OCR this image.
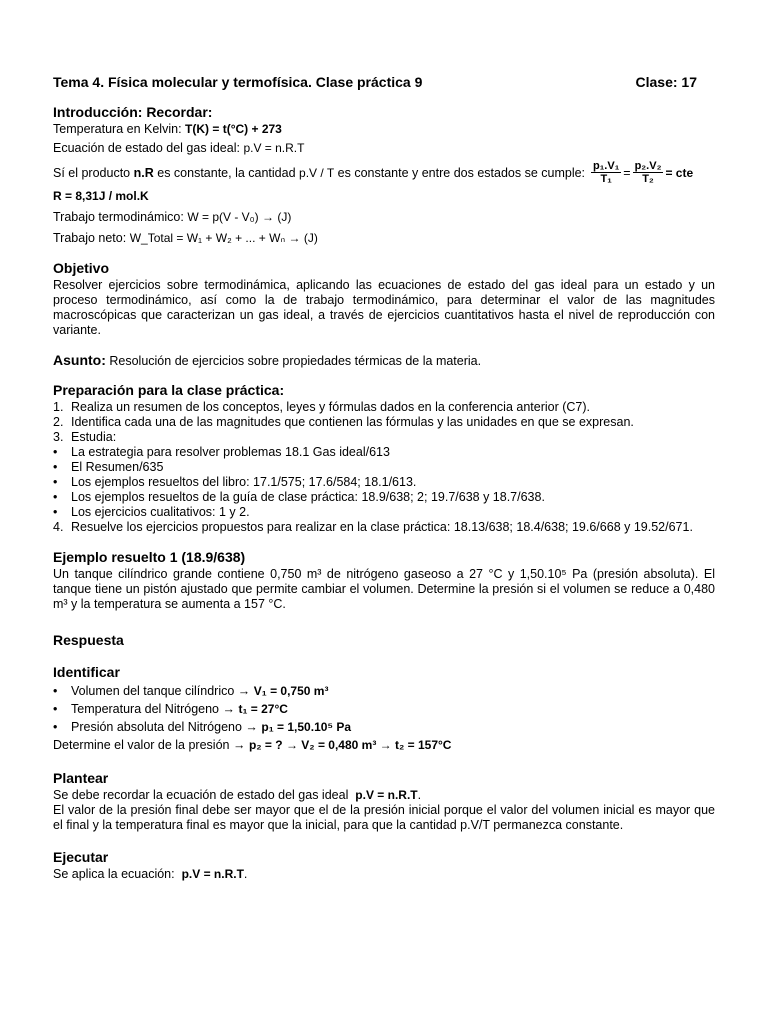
Tema 4. Física molecular y termofísica. Clase práctica 9	Clase: 17
Introducción: Recordar:
Temperatura en Kelvin: T(K) = t(°C) + 273
Ecuación de estado del gas ideal: p.V = n.R.T
Sí el producto
n.R
es constante, la cantidad
p.V / T
es constante y entre dos estados se cumple: $\frac{\text{p₁.V₁}}{\text{T₁}} = \frac{\text{p₂.V₂}}{\text{T₂}}$ = cte
R = 8,31J / mol.K
Trabajo termodinámico: W = p(V - V₀) → (J)
Trabajo neto: W_Total = W₁ + W₂ + ... + Wₙ → (J)
Objetivo

Resolver ejercicios sobre termodinámica, aplicando las ecuaciones de estado del gas ideal para un estado y un proceso termodinámico, así como la de trabajo termodinámico, para determinar el valor de las magnitudes macroscópicas que caracterizan un gas ideal, a través de ejercicios cuantitativos hasta el nivel de reproducción con variante.

Asunto: Resolución de ejercicios sobre propiedades térmicas de la materia.
Preparación para la clase práctica:
1. Realiza un resumen de los conceptos, leyes y fórmulas dados en la conferencia anterior (C7).
2. Identifica cada una de las magnitudes que contienen las fórmulas y las unidades en que se expresan.
3. Estudia:
•	La estrategia para resolver problemas 18.1 Gas ideal/613
•	El Resumen/635
•	Los ejemplos resueltos del libro: 17.1/575; 17.6/584; 18.1/613.
•	Los ejemplos resueltos de la guía de clase práctica: 18.9/638; 2; 19.7/638 y 18.7/638.
•	Los ejercicios cualitativos: 1 y 2.
4. Resuelve los ejercicios propuestos para realizar en la clase práctica: 18.13/638; 18.4/638; 19.6/668 y 19.52/671.
Ejemplo resuelto 1 (18.9/638)

Un tanque cilíndrico grande contiene 0,750 m³ de nitrógeno gaseoso a 27 °C y 1,50.10⁵ Pa (presión absoluta). El tanque tiene un pistón ajustado que permite cambiar el volumen. Determine la presión si el volumen se reduce a 0,480 m³ y la temperatura se aumenta a 157 °C.

Respuesta
Identificar
•	Volumen del tanque cilíndrico →
V₁ = 0,750 m³
•	Temperatura del Nitrógeno →
t₁ = 27°C
•	Presión absoluta del Nitrógeno →
p₁ = 1,50.10⁵ Pa
Determine el valor de la presión →
p₂ = ? → V₂ = 0,480 m³ → t₂ = 157°C
Plantear

Se debe recordar la ecuación de estado del gas ideal p.V = n.R.T.

El valor de la presión final debe ser mayor que el de la presión inicial porque el valor del volumen inicial es mayor que el final y la temperatura final es mayor que la inicial, para que la cantidad p.V/T permanezca constante.

Ejecutar

Se aplica la ecuación: p.V = n.R.T.
